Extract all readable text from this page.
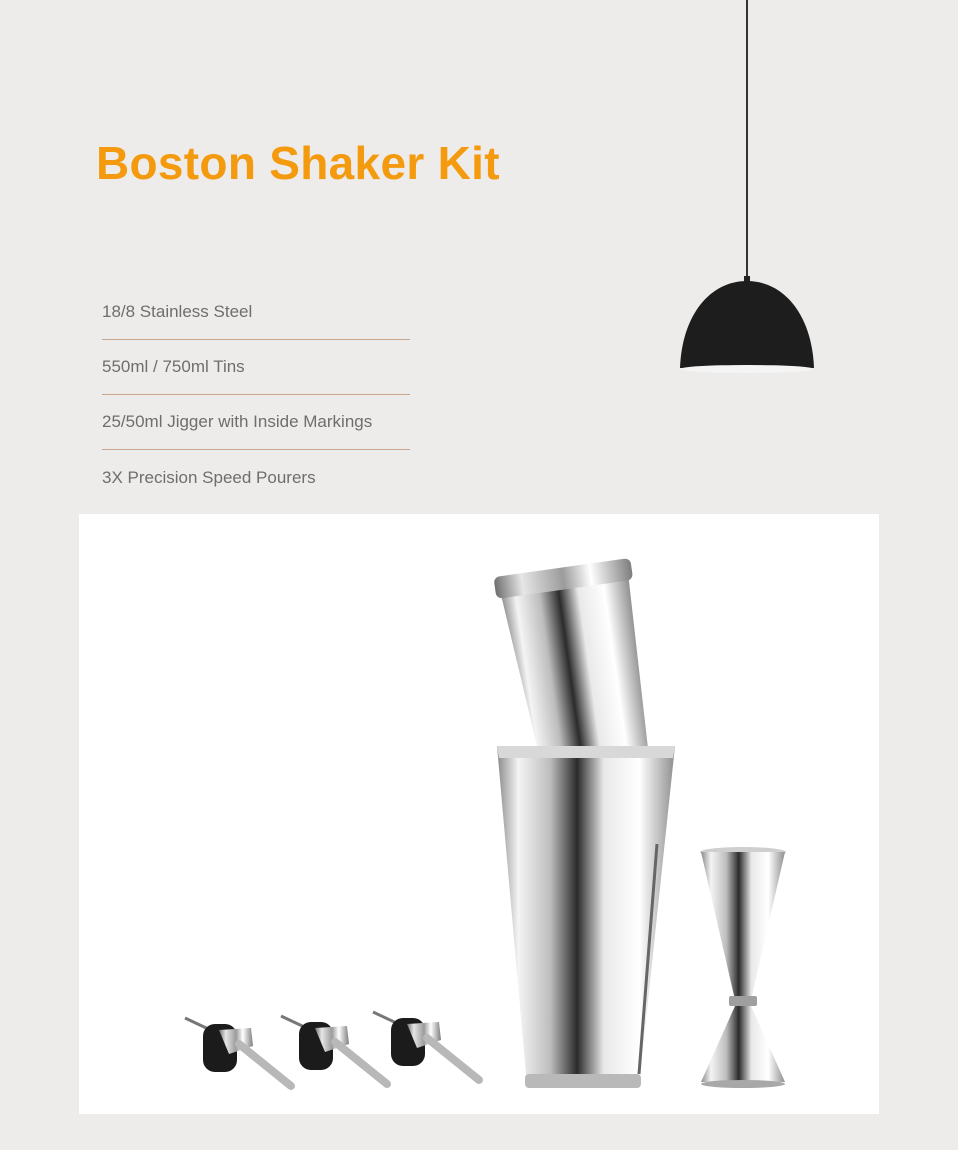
Boston Shaker Kit
18/8 Stainless Steel
550ml / 750ml Tins
25/50ml Jigger with Inside Markings
3X Precision Speed Pourers
